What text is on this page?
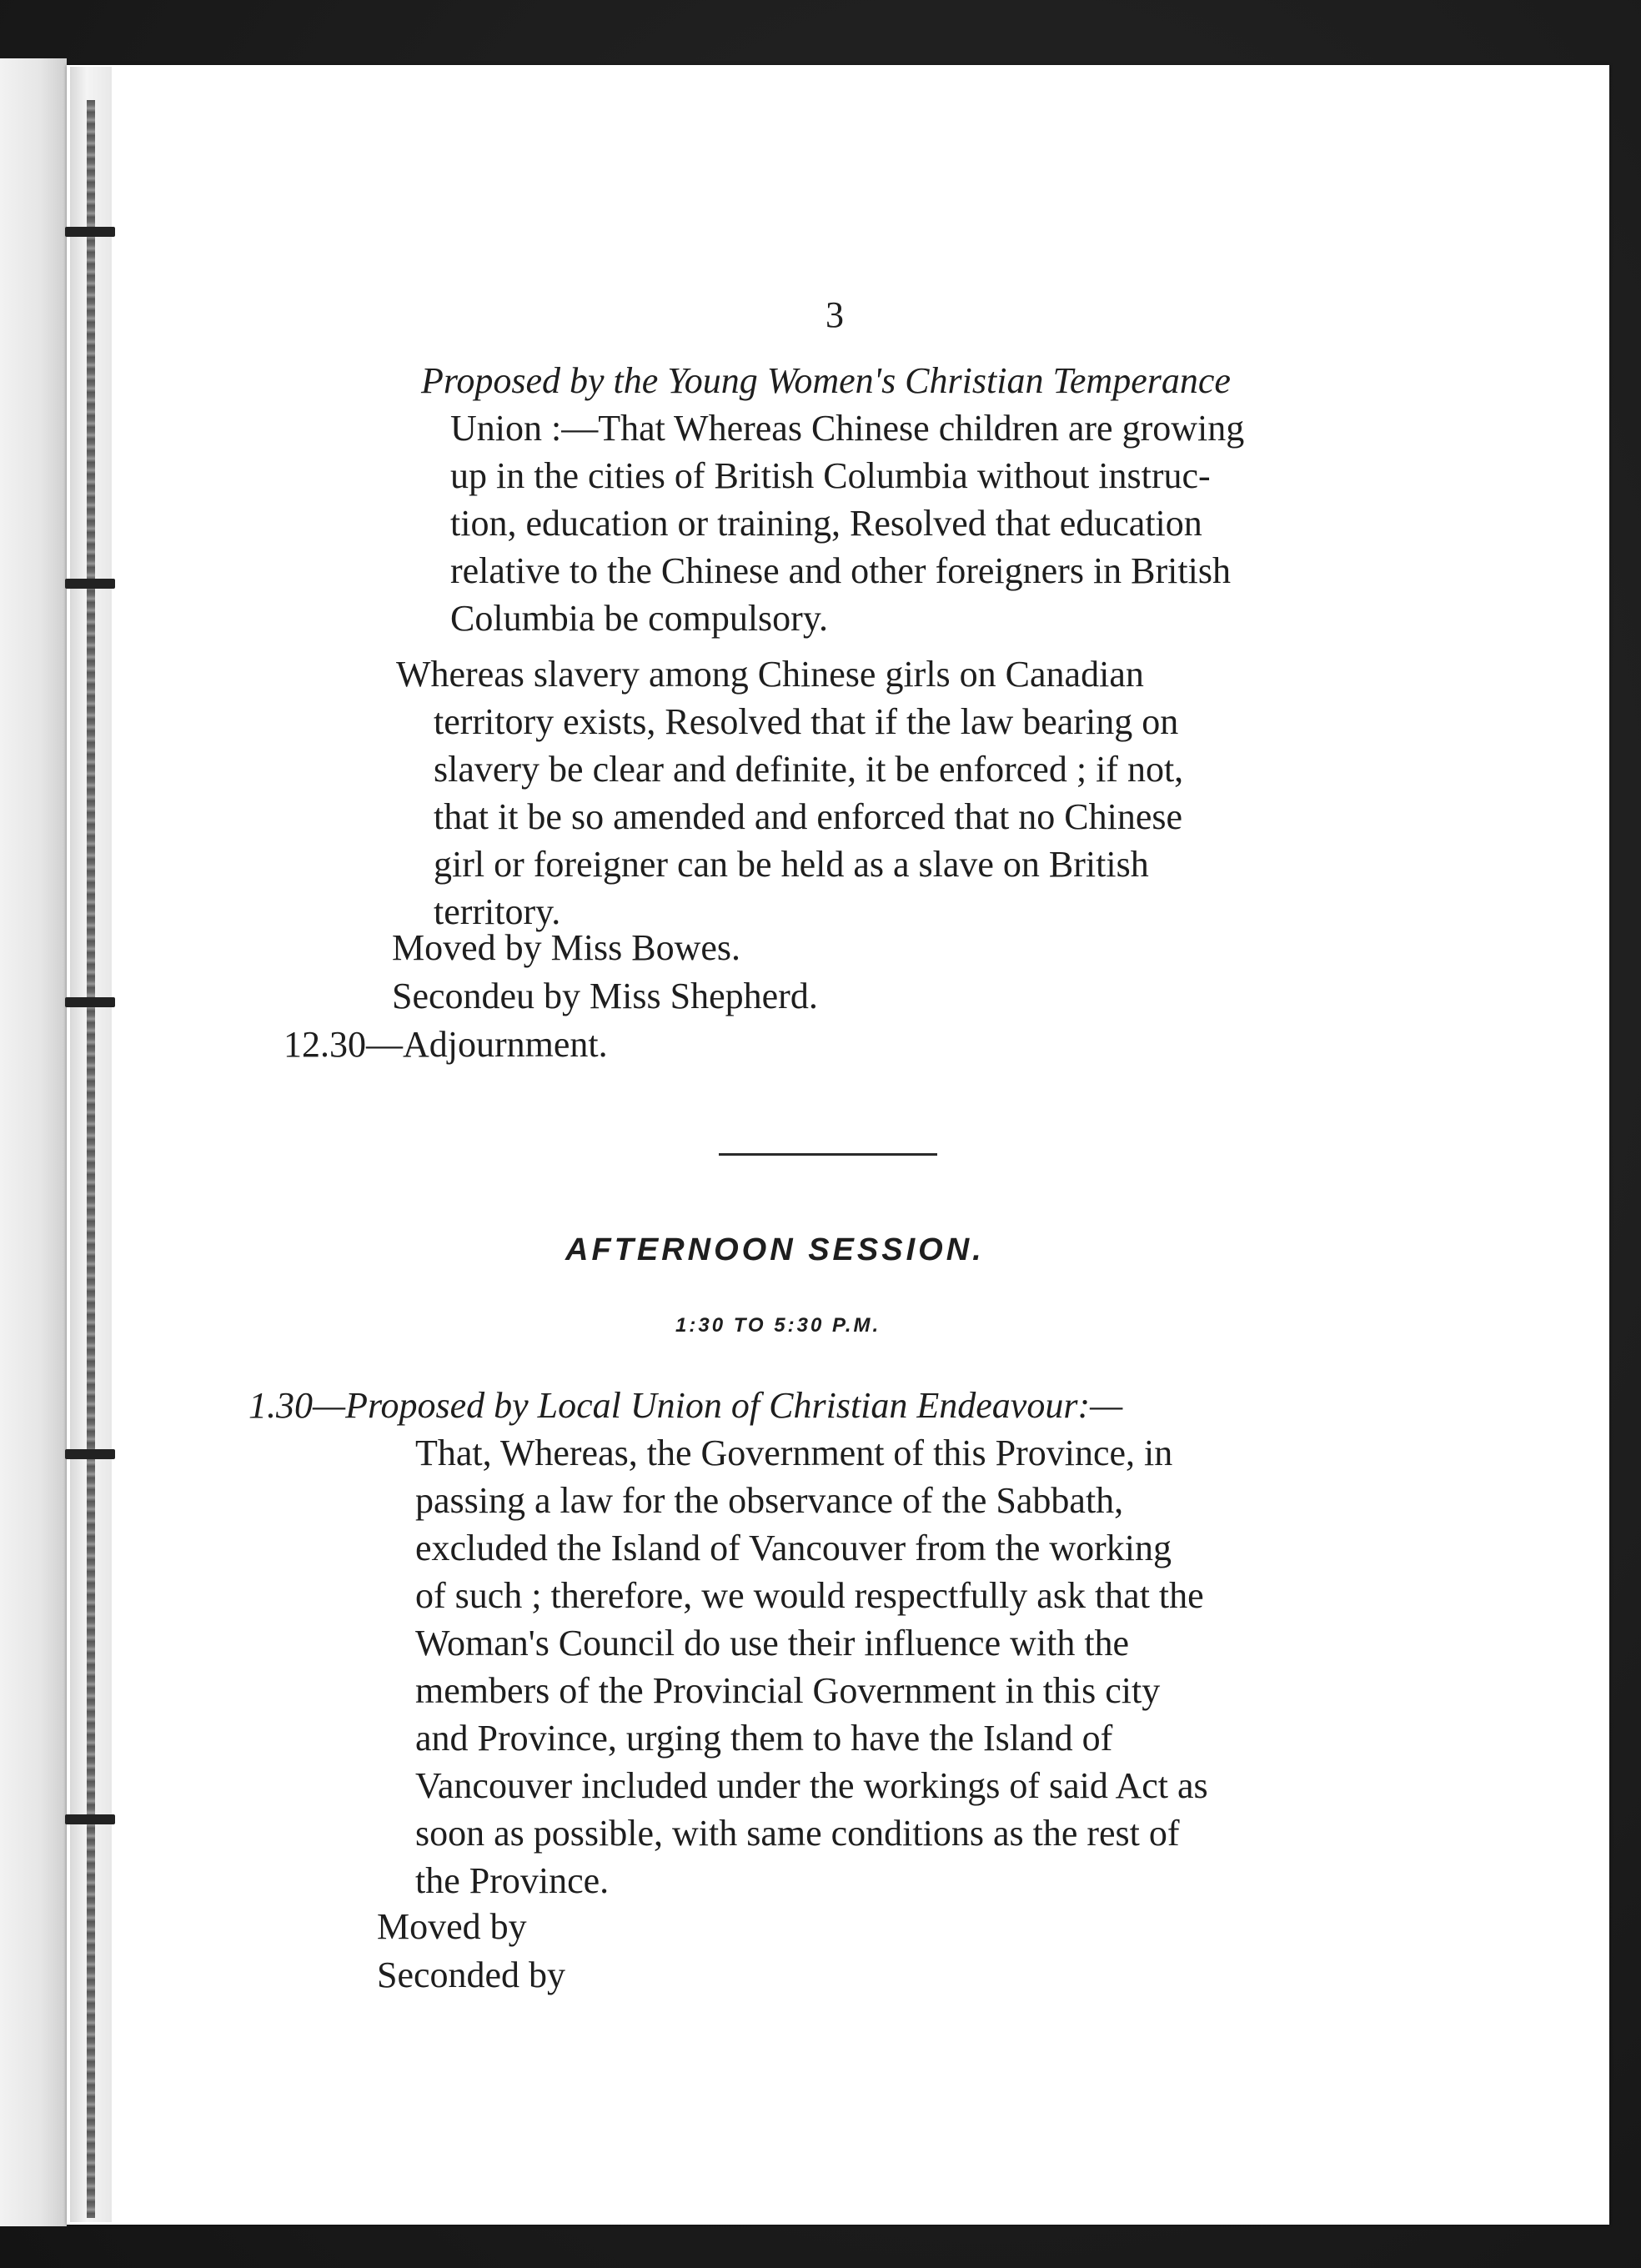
3
Proposed by the Young Women's Christian Temperance
Union :—That Whereas Chinese children are growing
up in the cities of British Columbia without instruc-
tion, education or training, Resolved that education
relative to the Chinese and other foreigners in British
Columbia be compulsory.
Whereas slavery among Chinese girls on Canadian
territory exists, Resolved that if the law bearing on
slavery be clear and definite, it be enforced ; if not,
that it be so amended and enforced that no Chinese
girl or foreigner can be held as a slave on British
territory.
Moved by Miss Bowes.
Secondeu by Miss Shepherd.
12.30—Adjournment.
AFTERNOON SESSION.
1:30 TO 5:30 P.M.
1.30—Proposed by Local Union of Christian Endeavour:—
That, Whereas, the Government of this Province, in
passing a law for the observance of the Sabbath,
excluded the Island of Vancouver from the working
of such ; therefore, we would respectfully ask that the
Woman's Council do use their influence with the
members of the Provincial Government in this city
and Province, urging them to have the Island of
Vancouver included under the workings of said Act as
soon as possible, with same conditions as the rest of
the Province.
Moved by
Seconded by
